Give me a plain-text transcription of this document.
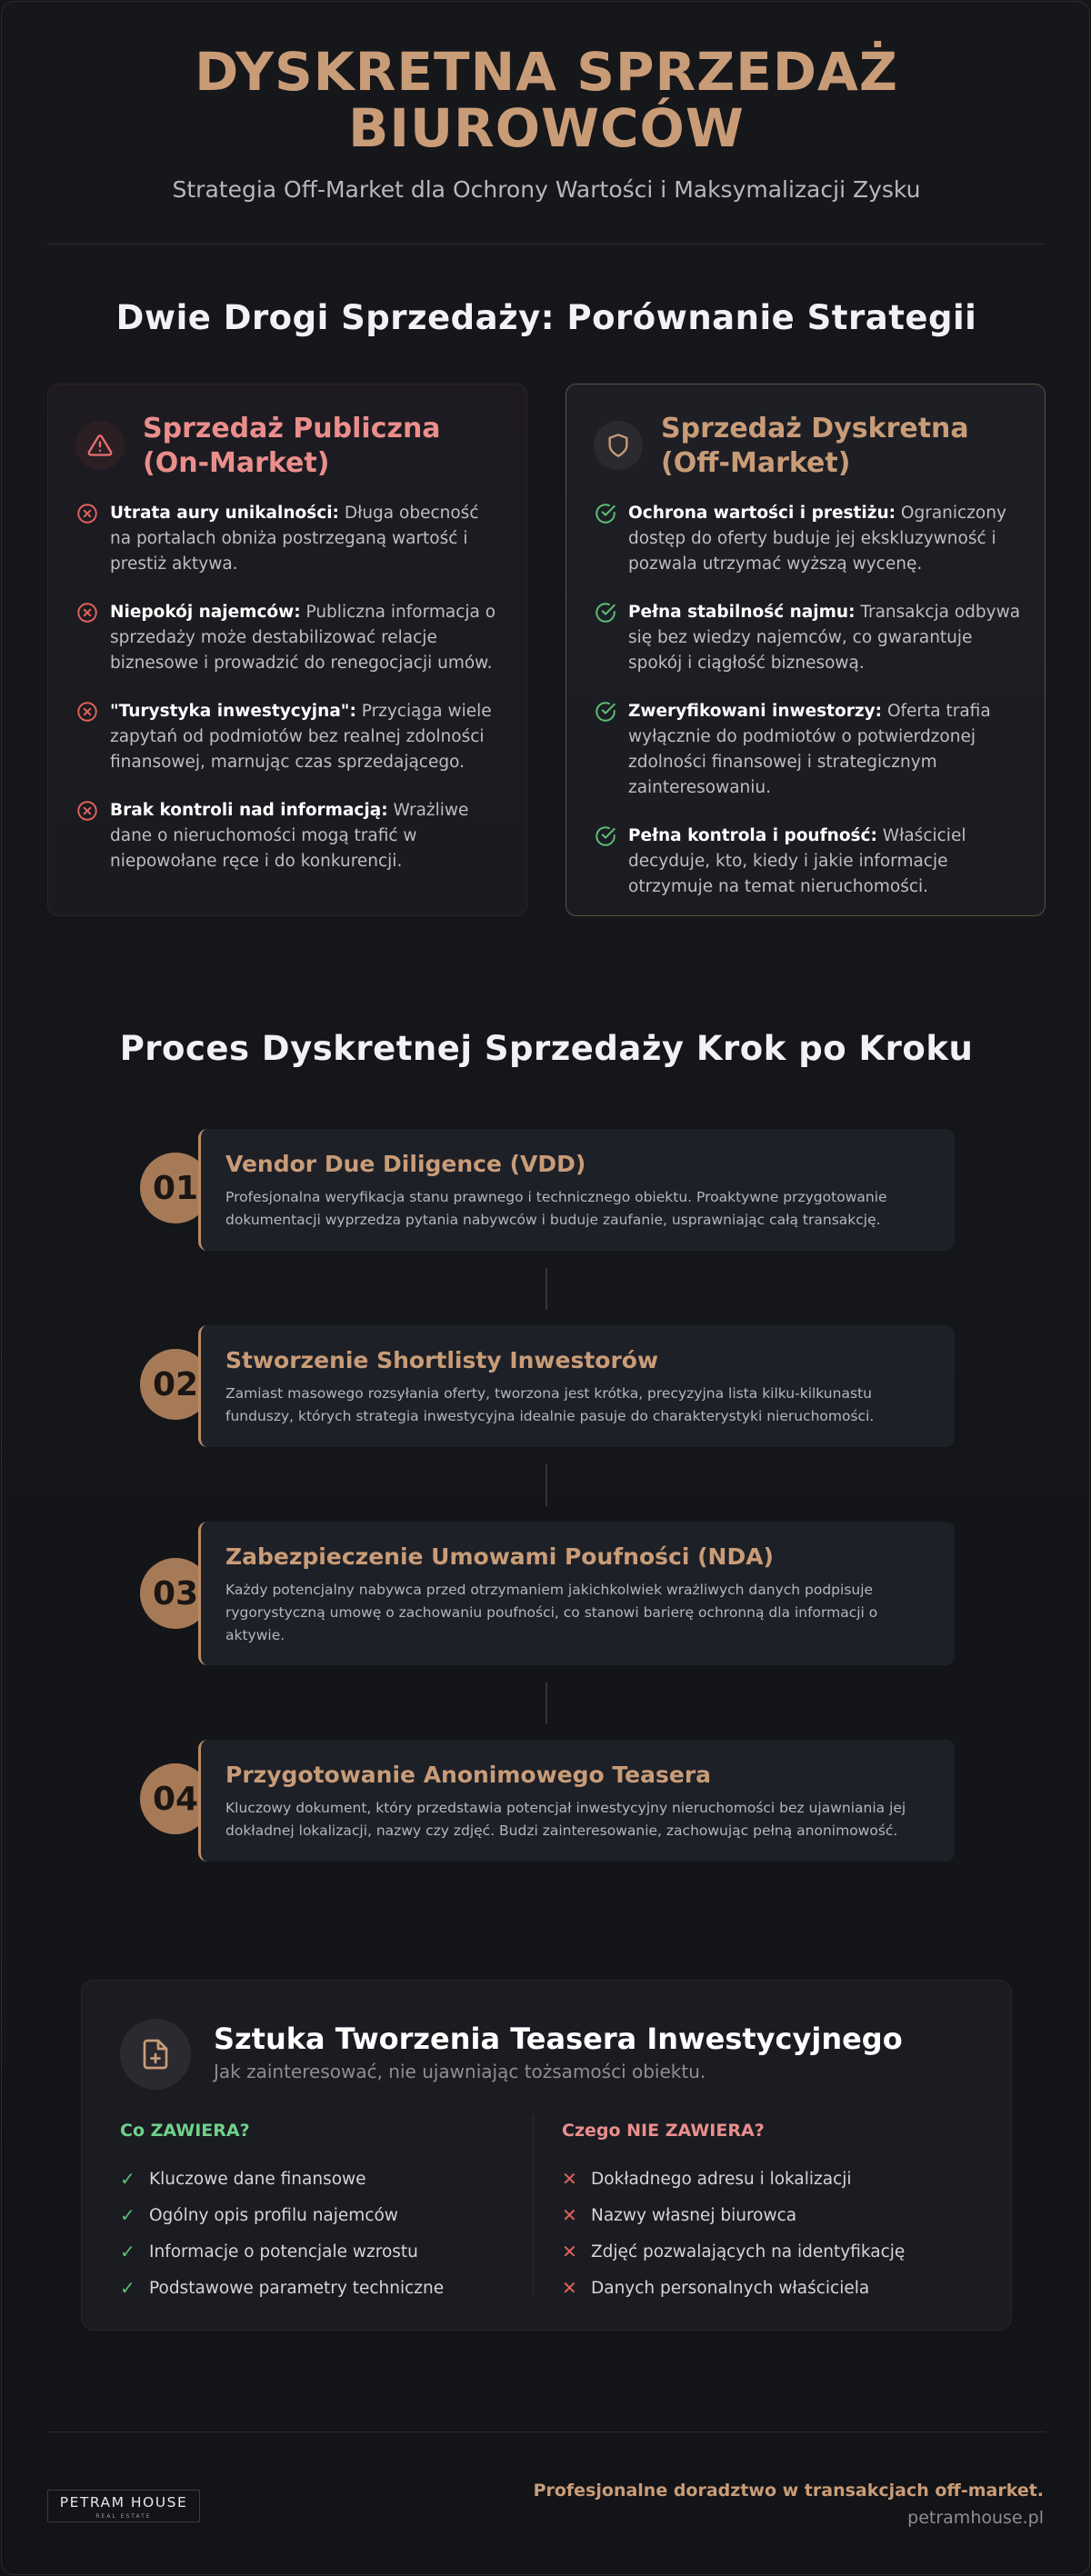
DYSKRETNA SPRZEDAŻ
BIUROWCÓW
Strategia Off-Market dla Ochrony Wartości i Maksymalizacji Zysku
Dwie Drogi Sprzedaży: Porównanie Strategii
Sprzedaż Publiczna
(On-Market)
Utrata aury unikalności: Długa obecność na portalach obniża postrzeganą wartość i prestiż aktywa.
Niepokój najemców: Publiczna informacja o sprzedaży może destabilizować relacje biznesowe i prowadzić do renegocjacji umów.
"Turystyka inwestycyjna": Przyciąga wiele zapytań od podmiotów bez realnej zdolności finansowej, marnując czas sprzedającego.
Brak kontroli nad informacją: Wrażliwe dane o nieruchomości mogą trafić w niepowołane ręce i do konkurencji.
Sprzedaż Dyskretna
(Off-Market)
Ochrona wartości i prestiżu: Ograniczony dostęp do oferty buduje jej ekskluzywność i pozwala utrzymać wyższą wycenę.
Pełna stabilność najmu: Transakcja odbywa się bez wiedzy najemców, co gwarantuje spokój i ciągłość biznesową.
Zweryfikowani inwestorzy: Oferta trafia wyłącznie do podmiotów o potwierdzonej zdolności finansowej i strategicznym zainteresowaniu.
Pełna kontrola i poufność: Właściciel decyduje, kto, kiedy i jakie informacje otrzymuje na temat nieruchomości.
Proces Dyskretnej Sprzedaży Krok po Kroku
01
Vendor Due Diligence (VDD)
Profesjonalna weryfikacja stanu prawnego i technicznego obiektu. Proaktywne przygotowanie dokumentacji wyprzedza pytania nabywców i buduje zaufanie, usprawniając całą transakcję.
02
Stworzenie Shortlisty Inwestorów
Zamiast masowego rozsyłania oferty, tworzona jest krótka, precyzyjna lista kilku-kilkunastu funduszy, których strategia inwestycyjna idealnie pasuje do charakterystyki nieruchomości.
03
Zabezpieczenie Umowami Poufności (NDA)
Każdy potencjalny nabywca przed otrzymaniem jakichkolwiek wrażliwych danych podpisuje rygorystyczną umowę o zachowaniu poufności, co stanowi barierę ochronną dla informacji o aktywie.
04
Przygotowanie Anonimowego Teasera
Kluczowy dokument, który przedstawia potencjał inwestycyjny nieruchomości bez ujawniania jej dokładnej lokalizacji, nazwy czy zdjęć. Budzi zainteresowanie, zachowując pełną anonimowość.
Sztuka Tworzenia Teasera Inwestycyjnego
Jak zainteresować, nie ujawniając tożsamości obiektu.
Co ZAWIERA?
✓ Kluczowe dane finansowe
✓ Ogólny opis profilu najemców
✓ Informacje o potencjale wzrostu
✓ Podstawowe parametry techniczne
Czego NIE ZAWIERA?
✕ Dokładnego adresu i lokalizacji
✕ Nazwy własnej biurowca
✕ Zdjęć pozwalających na identyfikację
✕ Danych personalnych właściciela
PETRAM HOUSE
REAL ESTATE
Profesjonalne doradztwo w transakcjach off-market.
petramhouse.pl
